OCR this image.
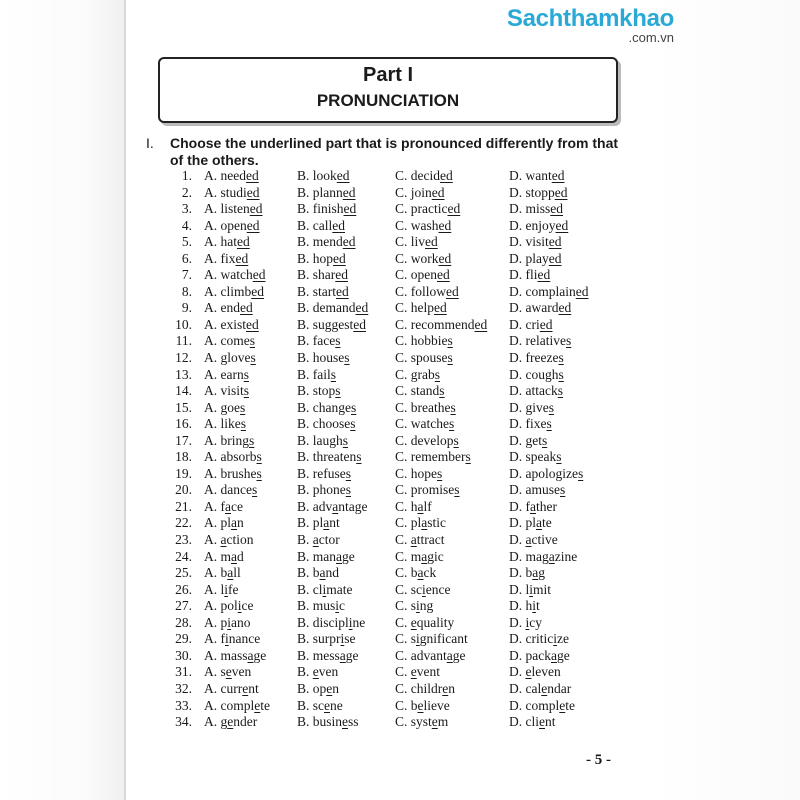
Sachthamkhao
.com.vn
Part I
PRONUNCIATION
I. Choose the underlined part that is pronounced differently from that of the others.
1. A. needed	B. looked	C. decided	D. wanted
2. A. studied	B. planned	C. joined	D. stopped
3. A. listened	B. finished	C. practiced	D. missed
4. A. opened	B. called	C. washed	D. enjoyed
5. A. hated	B. mended	C. lived	D. visited
6. A. fixed	B. hoped	C. worked	D. played
7. A. watched B. shared	C. opened	D. flied
8. A. climbed B. started	C. followed	D. complained
9. A. ended	B. demanded C. helped	D. awarded
10. A. existed	B. suggested C. recommended D. cried
11. A. comes	B. faces	C. hobbies	D. relatives
12. A. gloves	B. houses	C. spouses	D. freezes
13. A. earns	B. fails	C. grabs	D. coughs
14. A. visits	B. stops	C. stands	D. attacks
15. A. goes	B. changes	C. breathes	D. gives
16. A. likes	B. chooses	C. watches	D. fixes
17. A. brings	B. laughs	C. develops	D. gets
18. A. absorbs	B. threatens C. remembers	D. speaks
19. A. brushes	B. refuses	C. hopes	D. apologizes
20. A. dances	B. phones	C. promises	D. amuses
21. A. face	B. advantage C. half	D. father
22. A. plan	B. plant	C. plastic	D. plate
23. A. action	B. actor	C. attract	D. active
24. A. mad	B. manage	C. magic	D. magazine
25. A. ball	B. band	C. back	D. bag
26. A. life	B. climate	C. science	D. limit
27. A. police	B. music	C. sing	D. hit
28. A. piano	B. discipline C. equality	D. icy
29. A. finance	B. surprise	C. significant	D. criticize
30. A. massage B. message	C. advantage	D. package
31. A. seven	B. even	C. event	D. eleven
32. A. current	B. open	C. children	D. calendar
33. A. complete B. scene	C. believe	D. complete
34. A. gender	B. business	C. system	D. client
- 5 -
